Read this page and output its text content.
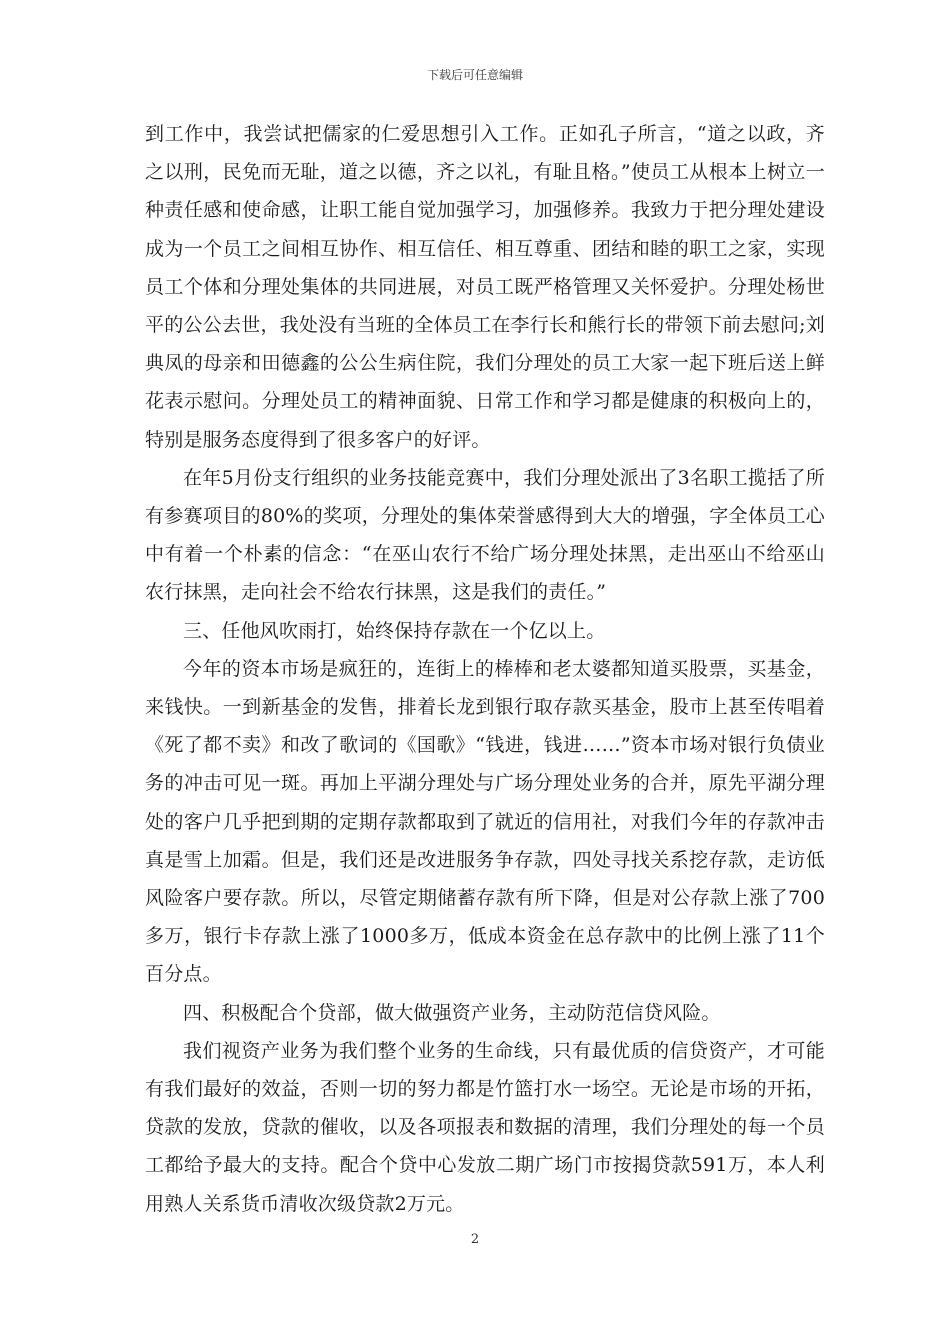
下载后可任意编辑

到工作中，我尝试把儒家的仁爱思想引入工作。正如孔子所言，“道之以政，齐之以刑，民免而无耻，道之以德，齐之以礼，有耻且格。”使员工从根本上树立一种责任感和使命感，让职工能自觉加强学习，加强修养。我致力于把分理处建设成为一个员工之间相互协作、相互信任、相互尊重、团结和睦的职工之家，实现员工个体和分理处集体的共同进展，对员工既严格管理又关怀爱护。分理处杨世平的公公去世，我处没有当班的全体员工在李行长和熊行长的带领下前去慰问;刘典凤的母亲和田德鑫的公公生病住院，我们分理处的员工大家一起下班后送上鲜花表示慰问。分理处员工的精神面貌、日常工作和学习都是健康的积极向上的，特别是服务态度得到了很多客户的好评。

在年5月份支行组织的业务技能竞赛中，我们分理处派出了3名职工揽括了所有参赛项目的80%的奖项，分理处的集体荣誉感得到大大的增强，字全体员工心中有着一个朴素的信念：“在巫山农行不给广场分理处抹黑，走出巫山不给巫山农行抹黑，走向社会不给农行抹黑，这是我们的责任。”

三、任他风吹雨打，始终保持存款在一个亿以上。

今年的资本市场是疯狂的，连街上的棒棒和老太婆都知道买股票，买基金，来钱快。一到新基金的发售，排着长龙到银行取存款买基金，股市上甚至传唱着《死了都不卖》和改了歌词的《国歌》“钱进，钱进……”资本市场对银行负债业务的冲击可见一斑。再加上平湖分理处与广场分理处业务的合并，原先平湖分理处的客户几乎把到期的定期存款都取到了就近的信用社，对我们今年的存款冲击真是雪上加霜。但是，我们还是改进服务争存款，四处寻找关系挖存款，走访低风险客户要存款。所以，尽管定期储蓄存款有所下降，但是对公存款上涨了700多万，银行卡存款上涨了1000多万，低成本资金在总存款中的比例上涨了11个百分点。

四、积极配合个贷部，做大做强资产业务，主动防范信贷风险。

我们视资产业务为我们整个业务的生命线，只有最优质的信贷资产，才可能有我们最好的效益，否则一切的努力都是竹篮打水一场空。无论是市场的开拓，贷款的发放，贷款的催收，以及各项报表和数据的清理，我们分理处的每一个员工都给予最大的支持。配合个贷中心发放二期广场门市按揭贷款591万，本人利用熟人关系货币清收次级贷款2万元。

2
